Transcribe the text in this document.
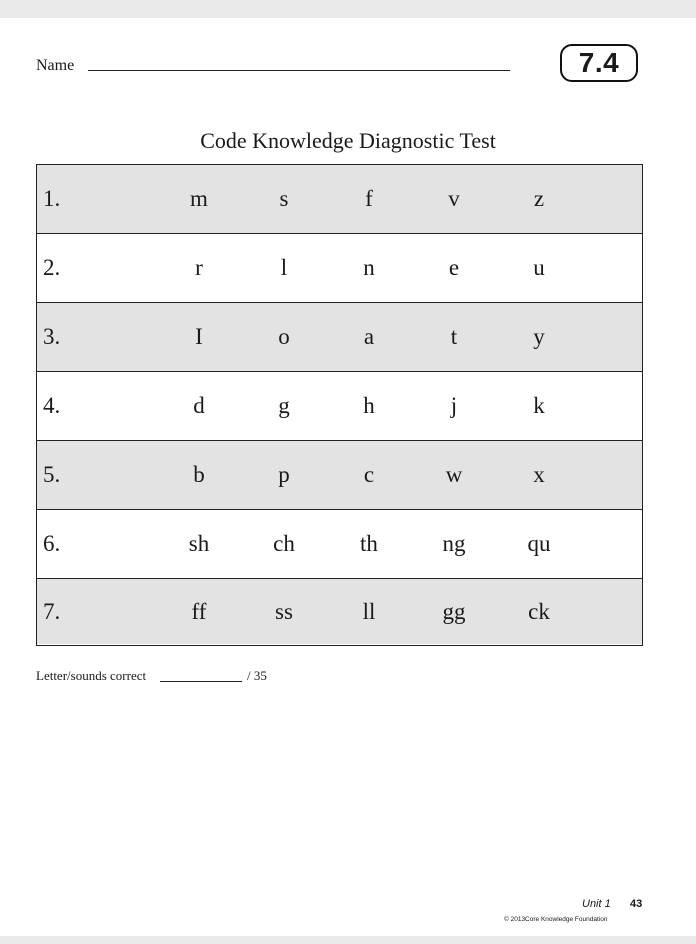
Name	7.4
Code Knowledge Diagnostic Test
1.	m	s	f	v	z
2.	r	l	n	e	u
3.	I	o	a	t	y
4.	d	g	h	j	k
5.	b	p	c	w	x
6.	sh	ch	th	ng	qu
7.	ff	ss	ll	gg	ck
Letter/sounds correct	/ 35
Unit 1 43
© 2013Core Knowledge Foundation
